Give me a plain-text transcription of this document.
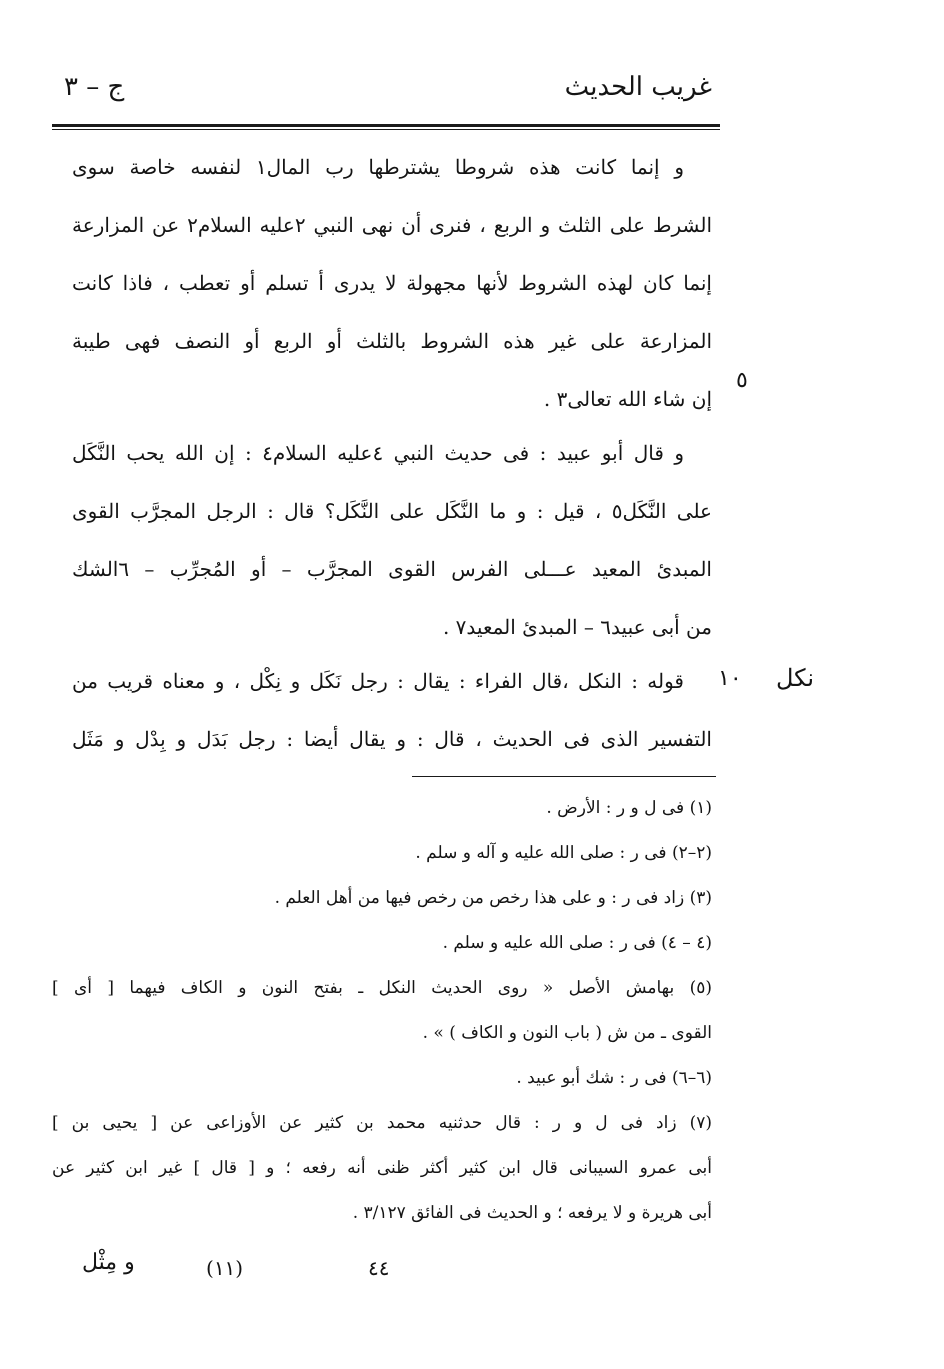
غريب الحديث
ج – ٣
و إنما كانت هذه شروطا يشترطها رب المال١ لنفسه خاصة سوى
الشرط على الثلث و الربع ، فنرى أن نهى النبي ٢عليه السلام٢ عن المزارعة
إنما كان لهذه الشروط لأنها مجهولة لا يدرى أ تسلم أو تعطب ، فاذا كانت
المزارعة على غير هذه الشروط بالثلث أو الربع أو النصف فهى طيبة
إن شاء الله تعالى٣ .
٥
و قال أبو عبيد : فى حديث النبي ٤عليه السلام٤ : إن الله يحب النَّكَل
على النَّكَل٥ ، قيل : و ما النَّكَل على النَّكَل؟ قال : الرجل المجرَّب القوى
المبدئ المعيد عـــلى الفرس القوى المجرَّب – أو المُجرِّب – ٦الشك
من أبى عبيد٦ – المبدئ المعيد٧ .
نكل
١٠
قوله : النكل ،قال الفراء : يقال : رجل نَكَل و نِكْل ، و معناه قريب من
التفسير الذى فى الحديث ، قال : و يقال أيضا : رجل بَدَل و بِدْل و مَثَل
(١) فى ل و ر : الأرض .
(٢–٢) فى ر : صلى الله عليه و آله و سلم .
(٣) زاد فى ر : و على هذا رخص من رخص فيها من أهل العلم .
(٤ – ٤) فى ر : صلى الله عليه و سلم .
(٥) بهامش الأصل « روى الحديث النكل ـ بفتح النون و الكاف فيهما [ أى ]
القوى ـ من ش ( باب النون و الكاف ) » .
(٦–٦) فى ر : شك أبو عبيد .
(٧) زاد فى ل و ر : قال حدثنيه محمد بن كثير عن الأوزاعى عن [ يحيى بن ]
أبى عمرو السيبانى قال ابن كثير أكثر ظنى أنه رفعه ؛ و [ قال ] غير ابن كثير عن
أبى هريرة و لا يرفعه ؛ و الحديث فى الفائق ٣/١٢٧ .
٤٤
(١١)
و مِثْل
